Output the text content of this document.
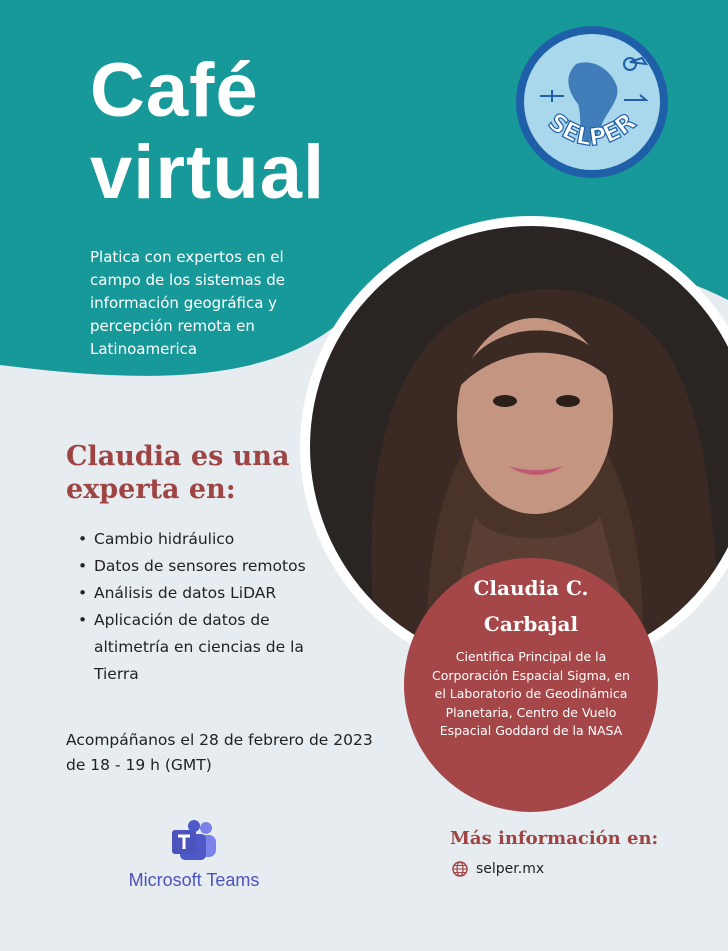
Café
virtual
Platica con expertos en el campo de los sistemas de información geográfica y percepción remota en Latinoamerica
SELPER
Claudia es una
experta en:
• Cambio hidráulico
• Datos de sensores remotos
• Análisis de datos LiDAR
• Aplicación de datos de altimetría en ciencias de la Tierra
Acompáñanos el 28 de febrero de 2023 de 18 - 19 h (GMT)
Claudia C.
Carbajal
Cientifica Principal de la Corporación Espacial Sigma, en el Laboratorio de Geodinámica Planetaria, Centro de Vuelo Espacial Goddard de la NASA
Microsoft Teams
Más información en:
selper.mx
